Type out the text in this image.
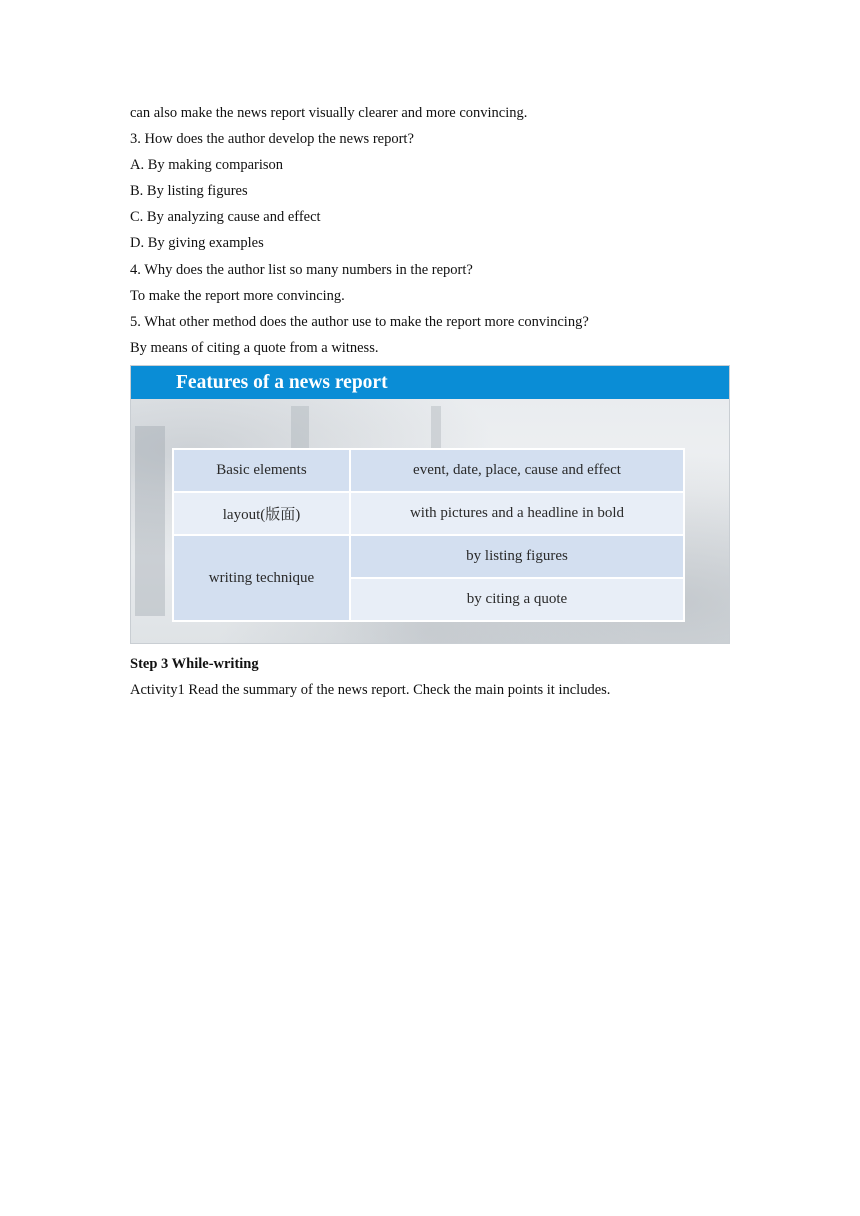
can also make the news report visually clearer and more convincing.
3. How does the author develop the news report?
A. By making comparison
B. By listing figures
C. By analyzing cause and effect
D. By giving examples
4. Why does the author list so many numbers in the report?
To make the report more convincing.
5. What other method does the author use to make the report more convincing?
By means of citing a quote from a witness.
Features of a news report
Basic elements	event, date, place, cause and effect
layout(版面)	with pictures and a headline in bold
writing technique	by listing figures
	by citing a quote
Step 3 While-writing
Activity1 Read the summary of the news report. Check the main points it includes.
